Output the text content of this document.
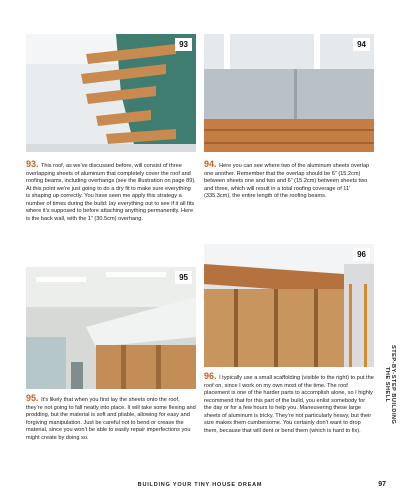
93	94

93. This roof, as we’ve discussed before, will consist of three overlapping sheets of aluminum that completely cover the roof and roofing beams, including overhangs (see the illustration on page 89). At this point we’re just going to do a dry fit to make sure everything is shaping up correctly. You have seen me apply this strategy a number of times during the build: lay everything out to see if it all fits where it’s supposed to before attaching anything permanently. Here is the back wall, with the 1” (30.5cm) overhang.

94. Here you can see where two of the aluminum sheets overlap one another. Remember that the overlap should be 6” (15.2cm) between sheets one and two and 6” (15.2cm) between sheets two and three, which will result in a total roofing coverage of 11’ (335.3cm), the entire length of the roofing beams.

95
96

95. It’s likely that when you first lay the sheets onto the roof, they’re not going to fall neatly into place. It will take some flexing and prodding, but the material is soft and pliable, allowing for easy and forgiving manipulation. Just be careful not to bend or crease the material, since you won’t be able to easily repair imperfections you might create by doing so.

96. I typically use a small scaffolding (visible to the right) to put the roof on, since I work on my own most of the time. The roof placement is one of the harder parts to accomplish alone, so I highly recommend that for this part of the build, you enlist somebody for the day or for a few hours to help you. Maneuvering these large sheets of aluminum is tricky. They’re not particularly heavy, but their size makes them cumbersome. You certainly don’t want to drop them, because that will dent or bend them (which is hard to fix).

STEP-BY-STEP BUILDING THE SHELL
BUILDING YOUR TINY HOUSE DREAM	97
